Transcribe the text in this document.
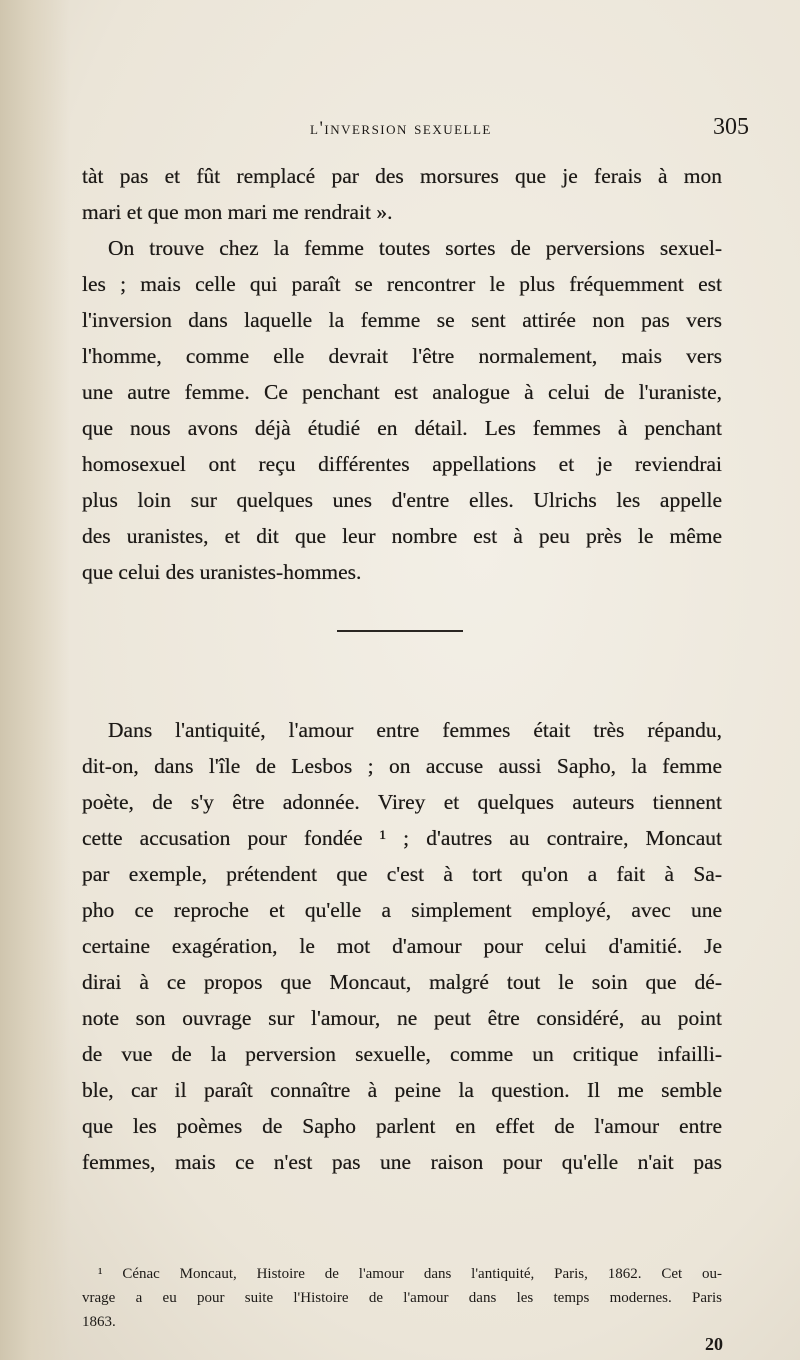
l'inversion sexuelle	305
tàt pas et fût remplacé par des morsures que je ferais à mon
mari et que mon mari me rendrait ».
On trouve chez la femme toutes sortes de perversions sexuel-
les ; mais celle qui paraît se rencontrer le plus fréquemment est
l'inversion dans laquelle la femme se sent attirée non pas vers
l'homme, comme elle devrait l'être normalement, mais vers
une autre femme. Ce penchant est analogue à celui de l'uraniste,
que nous avons déjà étudié en détail. Les femmes à penchant
homosexuel ont reçu différentes appellations et je reviendrai
plus loin sur quelques unes d'entre elles. Ulrichs les appelle
des uranistes, et dit que leur nombre est à peu près le même
que celui des uranistes-hommes.
Dans l'antiquité, l'amour entre femmes était très répandu,
dit-on, dans l'île de Lesbos ; on accuse aussi Sapho, la femme
poète, de s'y être adonnée. Virey et quelques auteurs tiennent
cette accusation pour fondée ¹ ; d'autres au contraire, Moncaut
par exemple, prétendent que c'est à tort qu'on a fait à Sa-
pho ce reproche et qu'elle a simplement employé, avec une
certaine exagération, le mot d'amour pour celui d'amitié. Je
dirai à ce propos que Moncaut, malgré tout le soin que dé-
note son ouvrage sur l'amour, ne peut être considéré, au point
de vue de la perversion sexuelle, comme un critique infailli-
ble, car il paraît connaître à peine la question. Il me semble
que les poèmes de Sapho parlent en effet de l'amour entre
femmes, mais ce n'est pas une raison pour qu'elle n'ait pas
¹ Cénac Moncaut, Histoire de l'amour dans l'antiquité, Paris, 1862. Cet ou-
vrage a eu pour suite l'Histoire de l'amour dans les temps modernes. Paris
1863.
20
